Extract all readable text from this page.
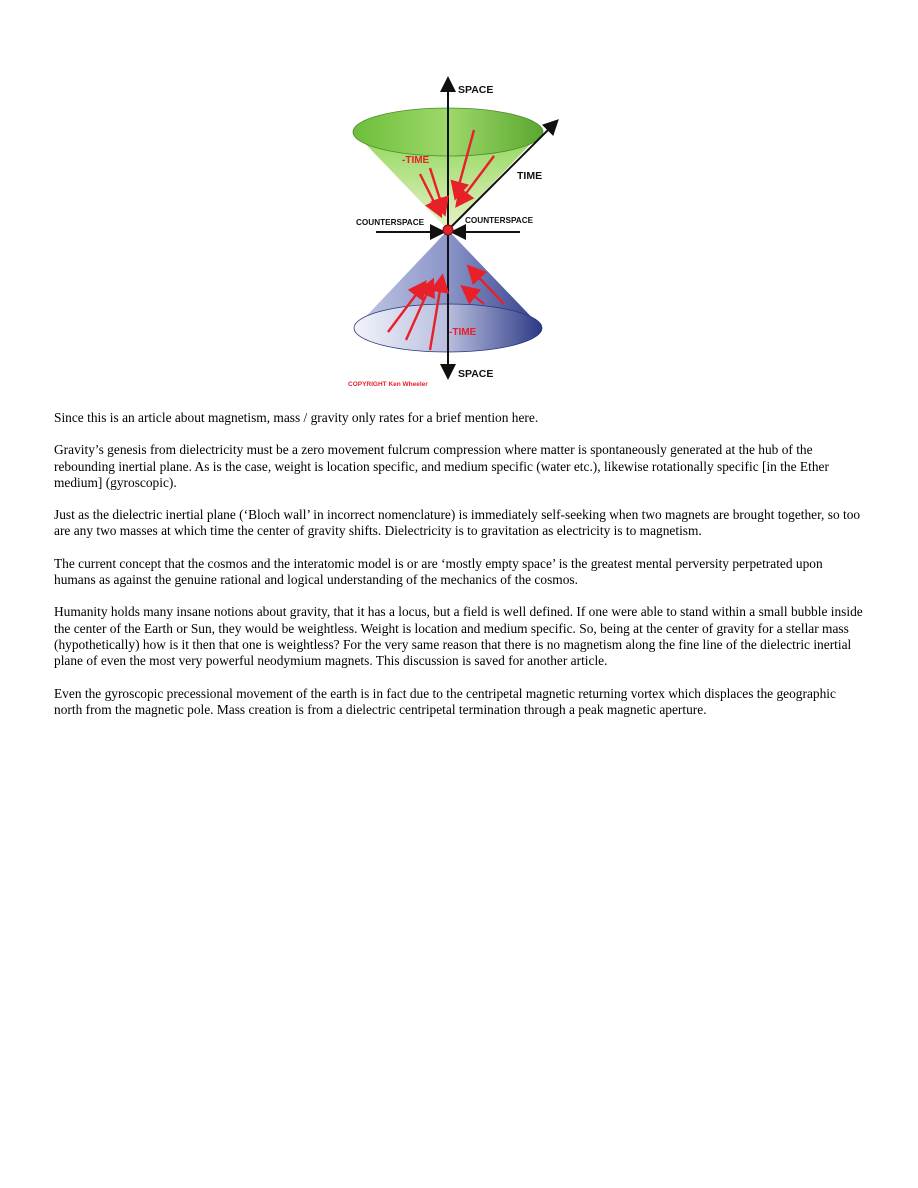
SPACE
TIME
-TIME
COUNTERSPACE	COUNTERSPACE
-TIME
SPACE
COPYRIGHT Ken Wheeler

Since this is an article about magnetism, mass / gravity only rates for a brief mention here.

Gravity’s genesis from dielectricity must be a zero movement fulcrum compression where matter is spontaneously generated at the hub of the rebounding inertial plane. As is the case, weight is location specific, and medium specific (water etc.), likewise rotationally specific [in the Ether medium] (gyroscopic).

Just as the dielectric inertial plane (‘Bloch wall’ in incorrect nomenclature) is immediately self-seeking when two magnets are brought together, so too are any two masses at which time the center of gravity shifts. Dielectricity is to gravitation as electricity is to magnetism.

The current concept that the cosmos and the interatomic model is or are ‘mostly empty space’ is the greatest mental perversity perpetrated upon humans as against the genuine rational and logical understanding of the mechanics of the cosmos.

Humanity holds many insane notions about gravity, that it has a locus, but a field is well defined. If one were able to stand within a small bubble inside the center of the Earth or Sun, they would be weightless. Weight is location and medium specific. So, being at the center of gravity for a stellar mass (hypothetically) how is it then that one is weightless? For the very same reason that there is no magnetism along the fine line of the dielectric inertial plane of even the most very powerful neodymium magnets. This discussion is saved for another article.

Even the gyroscopic precessional movement of the earth is in fact due to the centripetal magnetic returning vortex which displaces the geographic north from the magnetic pole. Mass creation is from a dielectric centripetal termination through a peak magnetic aperture.
